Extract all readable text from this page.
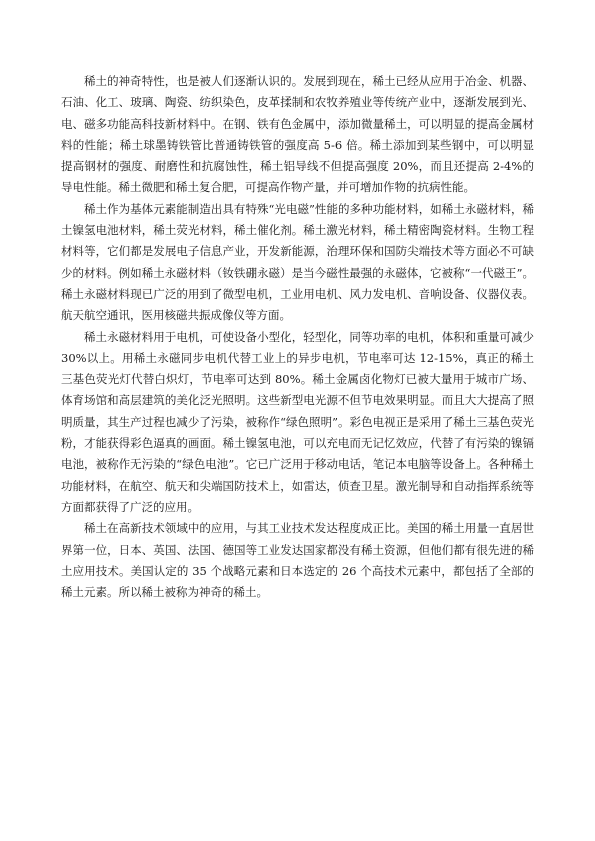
稀土的神奇特性，也是被人们逐渐认识的。发展到现在，稀土已经从应用于冶金、机器、石油、化工、玻璃、陶瓷、纺织染色，皮革揉制和农牧养殖业等传统产业中，逐渐发展到光、电、磁多功能高科技新材料中。在钢、铁有色金属中，添加微量稀土，可以明显的提高金属材料的性能；稀土球墨铸铁管比普通铸铁管的强度高 5-6 倍。稀土添加到某些钢中，可以明显提高钢材的强度、耐磨性和抗腐蚀性，稀土铝导线不但提高强度 20%，而且还提高 2-4%的导电性能。稀土微肥和稀土复合肥，可提高作物产量，并可增加作物的抗病性能。

稀土作为基体元素能制造出具有特殊“光电磁”性能的多种功能材料，如稀土永磁材料，稀土镍氢电池材料，稀土荧光材料，稀土催化剂。稀土激光材料，稀土精密陶瓷材料。生物工程材料等，它们都是发展电子信息产业，开发新能源，治理环保和国防尖端技术等方面必不可缺少的材料。例如稀土永磁材料（钕铁硼永磁）是当今磁性最强的永磁体，它被称“一代磁王”。稀土永磁材料现已广泛的用到了微型电机，工业用电机、风力发电机、音响设备、仪器仪表。航天航空通讯，医用核磁共振成像仪等方面。

稀土永磁材料用于电机，可使设备小型化，轻型化，同等功率的电机，体积和重量可减少 30%以上。用稀土永磁同步电机代替工业上的异步电机，节电率可达 12-15%，真正的稀土三基色荧光灯代替白炽灯，节电率可达到 80%。稀土金属卤化物灯已被大量用于城市广场、体育场馆和高层建筑的美化泛光照明。这些新型电光源不但节电效果明显。而且大大提高了照明质量，其生产过程也减少了污染，被称作“绿色照明”。彩色电视正是采用了稀土三基色荧光粉，才能获得彩色逼真的画面。稀土镍氢电池，可以充电而无记忆效应，代替了有污染的镍镉电池，被称作无污染的“绿色电池”。它已广泛用于移动电话，笔记本电脑等设备上。各种稀土功能材料，在航空、航天和尖端国防技术上，如雷达，侦查卫星。激光制导和自动指挥系统等方面都获得了广泛的应用。

稀土在高新技术领域中的应用，与其工业技术发达程度成正比。美国的稀土用量一直居世界第一位，日本、英国、法国、德国等工业发达国家都没有稀土资源，但他们都有很先进的稀土应用技术。美国认定的 35 个战略元素和日本选定的 26 个高技术元素中，都包括了全部的稀土元素。所以稀土被称为神奇的稀土。
